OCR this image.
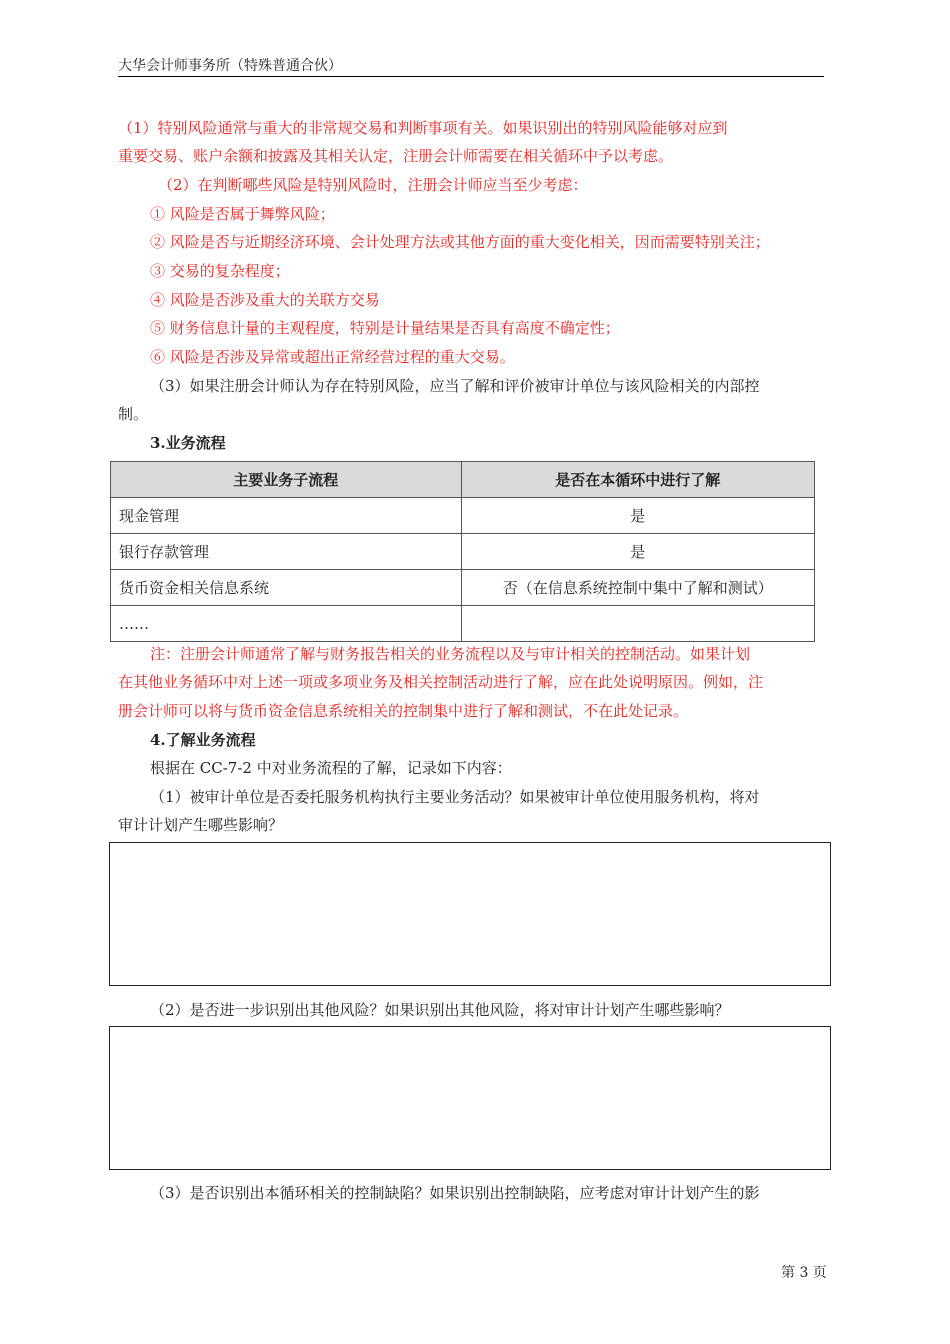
大华会计师事务所（特殊普通合伙）
（1）特别风险通常与重大的非常规交易和判断事项有关。如果识别出的特别风险能够对应到
重要交易、账户余额和披露及其相关认定，注册会计师需要在相关循环中予以考虑。
（2）在判断哪些风险是特别风险时，注册会计师应当至少考虑：
① 风险是否属于舞弊风险；
② 风险是否与近期经济环境、会计处理方法或其他方面的重大变化相关，因而需要特别关注；
③ 交易的复杂程度；
④ 风险是否涉及重大的关联方交易
⑤ 财务信息计量的主观程度，特别是计量结果是否具有高度不确定性；
⑥ 风险是否涉及异常或超出正常经营过程的重大交易。
（3）如果注册会计师认为存在特别风险，应当了解和评价被审计单位与该风险相关的内部控
制。
3.业务流程
主要业务子流程	是否在本循环中进行了解
现金管理	是
银行存款管理	是
货币资金相关信息系统	否（在信息系统控制中集中了解和测试）
……	
注：注册会计师通常了解与财务报告相关的业务流程以及与审计相关的控制活动。如果计划
在其他业务循环中对上述一项或多项业务及相关控制活动进行了解，应在此处说明原因。例如，注
册会计师可以将与货币资金信息系统相关的控制集中进行了解和测试，不在此处记录。
4.了解业务流程
根据在 CC-7-2 中对业务流程的了解，记录如下内容：
（1）被审计单位是否委托服务机构执行主要业务活动？如果被审计单位使用服务机构，将对
审计计划产生哪些影响？
（2）是否进一步识别出其他风险？如果识别出其他风险，将对审计计划产生哪些影响？
（3）是否识别出本循环相关的控制缺陷？如果识别出控制缺陷，应考虑对审计计划产生的影
第 3 页
